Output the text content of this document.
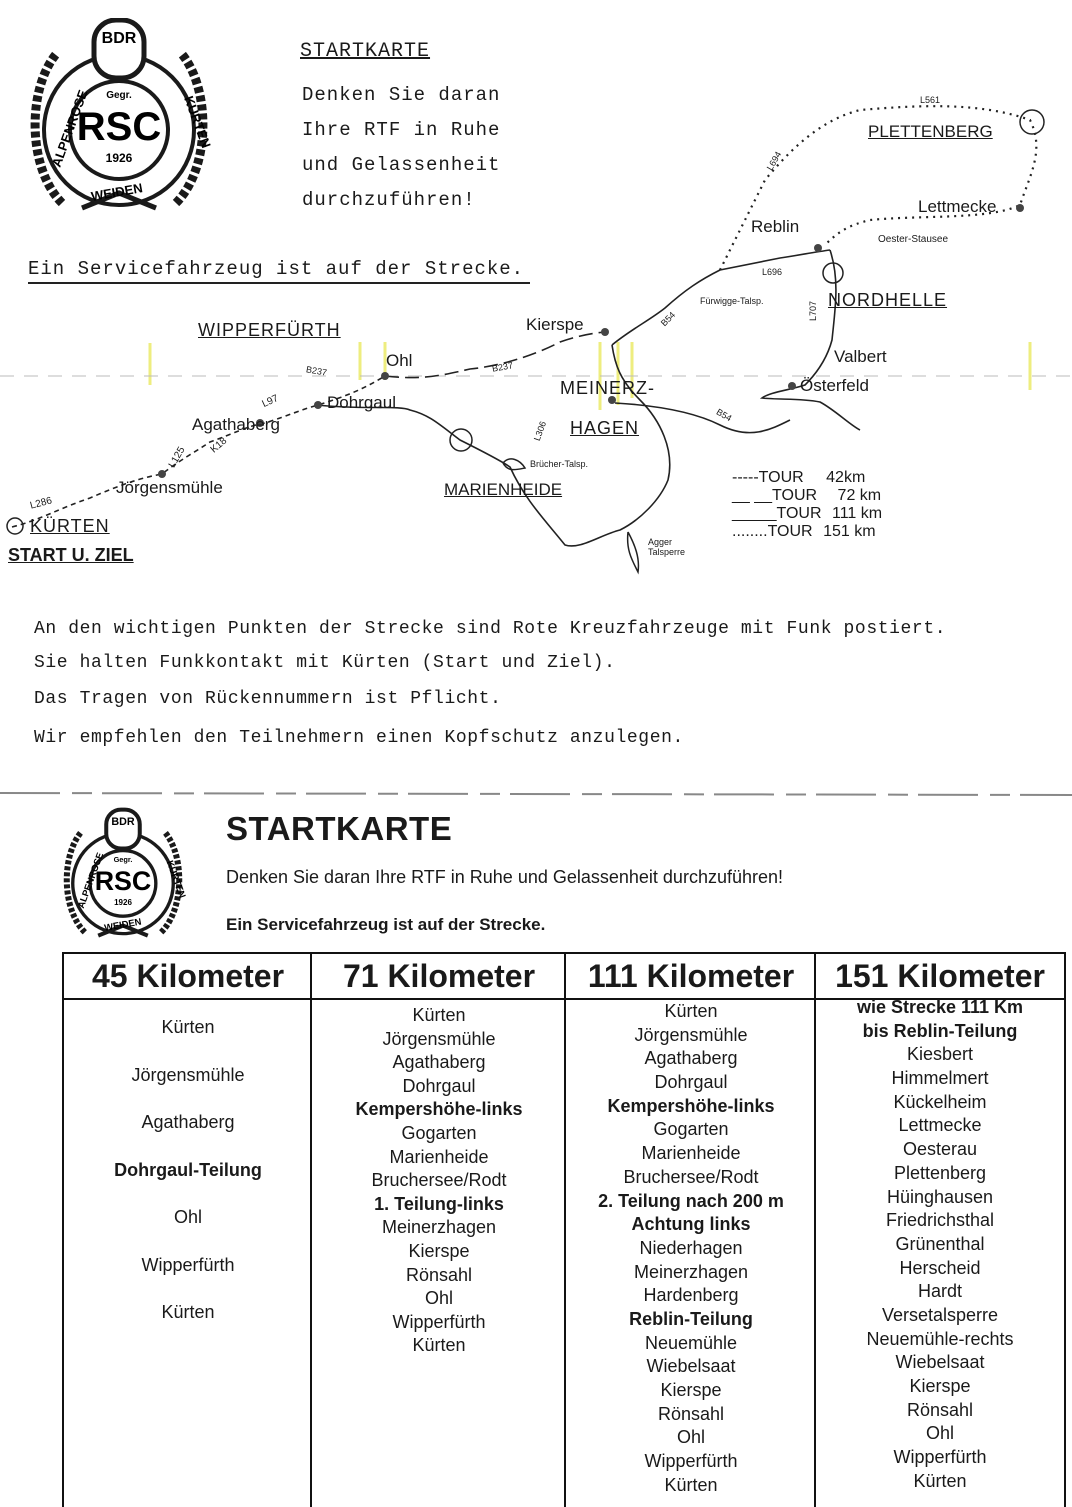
BDR
Gegr.
RSC
1926
ALPENROSE
WEIDEN
KÜRTEN
STARTKARTE
Denken Sie daran
Ihre RTF in Ruhe
und Gelassenheit
durchzuführen!
Ein Servicefahrzeug ist auf der Strecke.
KÜRTEN
START U. ZIEL
Jörgensmühle
Agathaberg
WIPPERFÜRTH
Ohl
Dohrgaul
Kierspe
MEINERZ-
HAGEN
MARIENHEIDE
Reblin
PLETTENBERG
Lettmecke
Oester-Stausee
NORDHELLE
Valbert
Österfeld
Fürwigge-Talsp.
Brücher-Talsp.
Agger Talsperre
L286
L125 K18
L97
B237	B237
L306
B54
B54
L696
L707
L694
L561
-----TOUR 42km
__ __TOUR 72 km
_____TOUR 111 km
........TOUR 151 km
An den wichtigen Punkten der Strecke sind Rote Kreuzfahrzeuge mit Funk postiert.
Sie halten Funkkontakt mit Kürten (Start und Ziel).
Das Tragen von Rückennummern ist Pflicht.
Wir empfehlen den Teilnehmern einen Kopfschutz anzulegen.
BDR
Gegr.
RSC
1926
ALPENROSE
WEIDEN
KÜRTEN
STARTKARTE
Denken Sie daran Ihre RTF in Ruhe und Gelassenheit durchzuführen!
Ein Servicefahrzeug ist auf der Strecke.
45 Kilometer
Kürten
Jörgensmühle
Agathaberg
Dohrgaul-Teilung
Ohl
Wipperfürth
Kürten
71 Kilometer
Kürten
Jörgensmühle
Agathaberg
Dohrgaul
Kempershöhe-links
Gogarten
Marienheide
Bruchersee/Rodt
1. Teilung-links
Meinerzhagen
Kierspe
Rönsahl
Ohl
Wipperfürth
Kürten
111 Kilometer
Kürten
Jörgensmühle
Agathaberg
Dohrgaul
Kempershöhe-links
Gogarten
Marienheide
Bruchersee/Rodt
2. Teilung nach 200 m
Achtung links
Niederhagen
Meinerzhagen
Hardenberg
Reblin-Teilung
Neuemühle
Wiebelsaat
Kierspe
Rönsahl
Ohl
Wipperfürth
Kürten
151 Kilometer
wie Strecke 111 Km
bis Reblin-Teilung
Kiesbert
Himmelmert
Kückelheim
Lettmecke
Oesterau
Plettenberg
Hüinghausen
Friedrichsthal
Grünenthal
Herscheid
Hardt
Versetalsperre
Neuemühle-rechts
Wiebelsaat
Kierspe
Rönsahl
Ohl
Wipperfürth
Kürten
